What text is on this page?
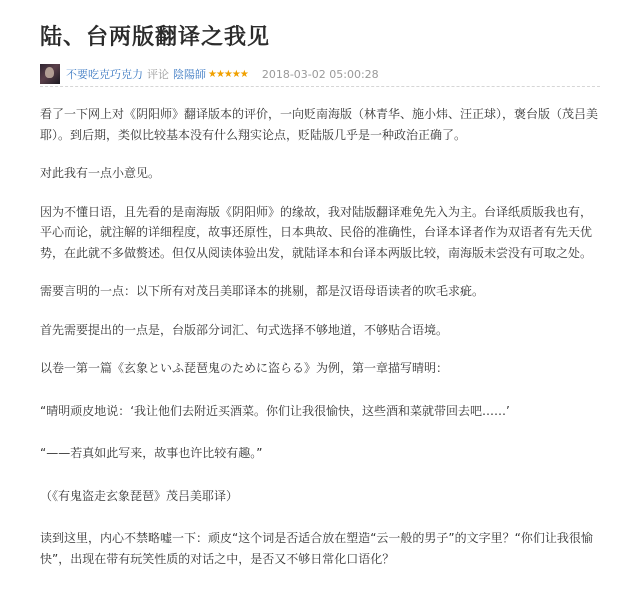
陆、台两版翻译之我见
不要吃克巧克力 评论 陰陽師 ★★★★★ 2018-03-02 05:00:28

看了一下网上对《阴阳师》翻译版本的评价，一向贬南海版（林青华、施小炜、汪正球），褒台版（茂吕美耶）。到后期，类似比较基本没有什么翔实论点，贬陆版几乎是一种政治正确了。

对此我有一点小意见。

因为不懂日语，且先看的是南海版《阴阳师》的缘故，我对陆版翻译难免先入为主。台译纸质版我也有，平心而论，就注解的详细程度，故事还原性，日本典故、民俗的准确性，台译本译者作为双语者有先天优势，在此就不多做赘述。但仅从阅读体验出发，就陆译本和台译本两版比较，南海版未尝没有可取之处。

需要言明的一点：以下所有对茂吕美耶译本的挑剔，都是汉语母语读者的吹毛求疵。

首先需要提出的一点是，台版部分词汇、句式选择不够地道，不够贴合语境。

以卷一第一篇《玄象といふ琵琶鬼のために盗らる》为例，第一章描写晴明：

“晴明顽皮地说：‘我让他们去附近买酒菜。你们让我很愉快，这些酒和菜就带回去吧……’

“——若真如此写来，故事也许比较有趣。”

（《有鬼盗走玄象琵琶》茂吕美耶译）

读到这里，内心不禁略嘘一下：顽皮“这个词是否适合放在塑造“云一般的男子”的文字里？“你们让我很愉快”，出现在带有玩笑性质的对话之中，是否又不够日常化口语化？
